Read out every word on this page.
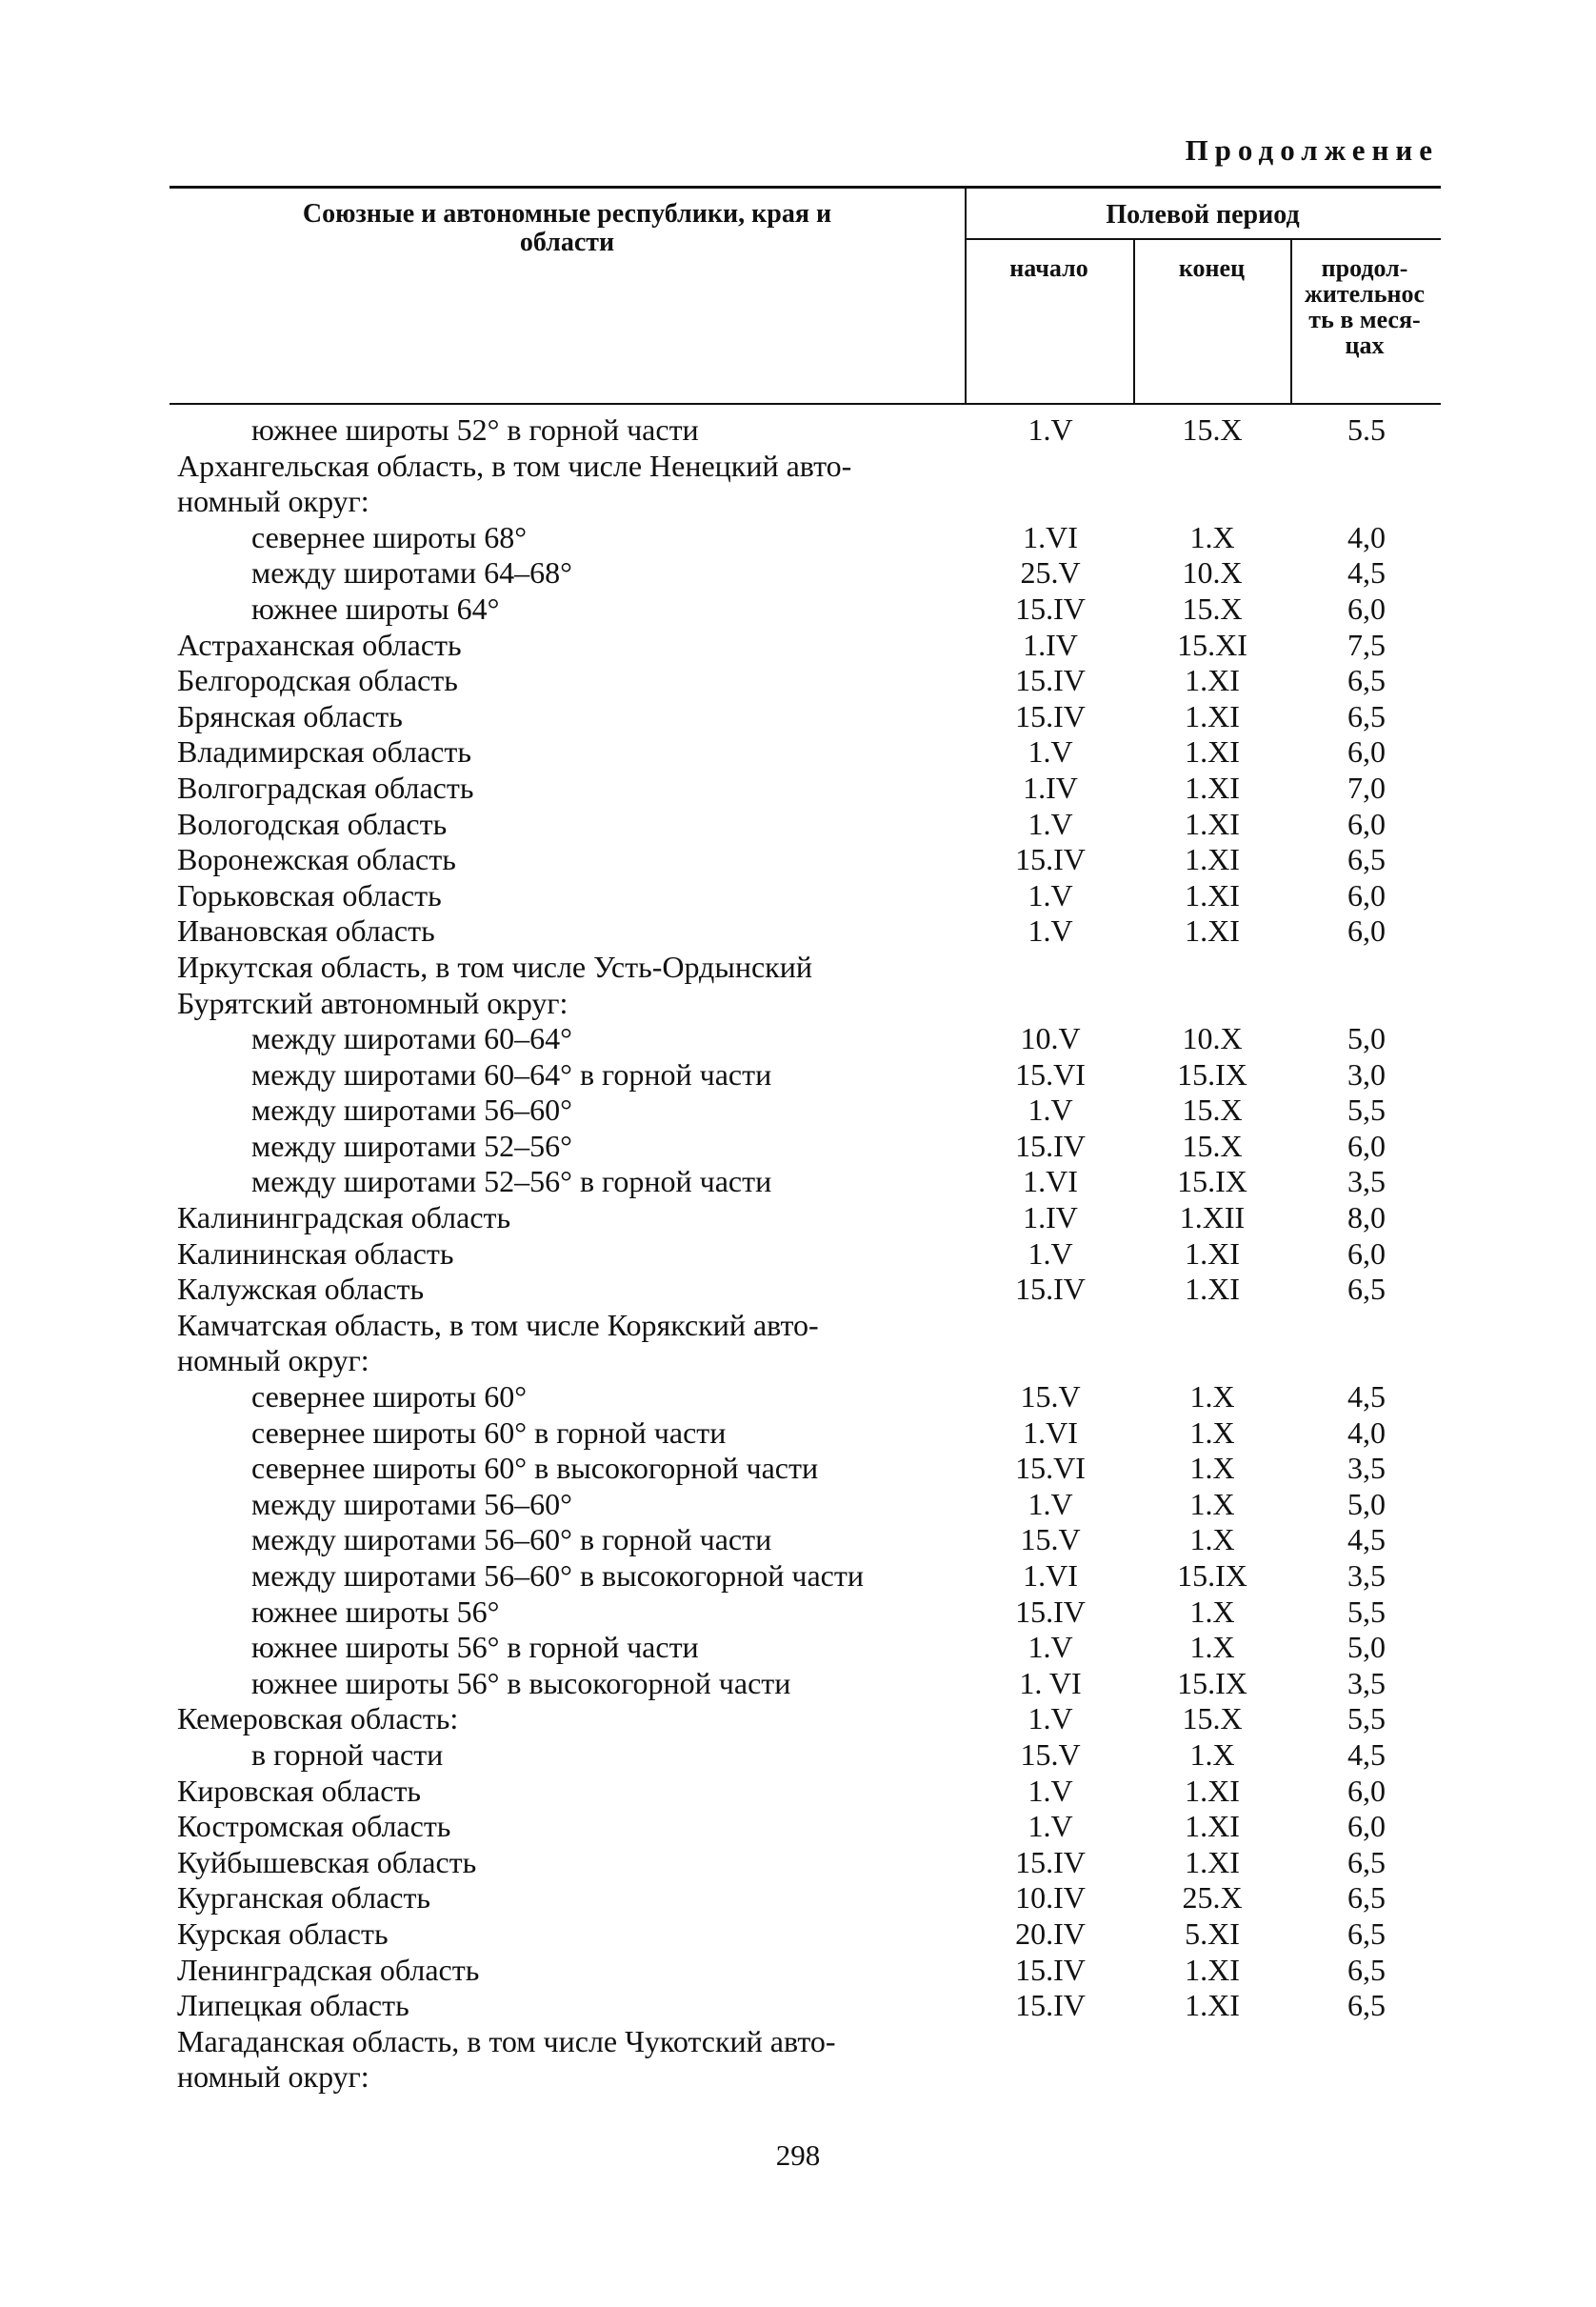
Продолжение
Союзные и автономные республики, края и области
Полевой период
начало	конец	продол-жительность в меся-цах
южнее широты 52° в горной части	1.V	15.X	5.5
Архангельская область, в том числе Ненецкий авто-
номный округ:
севернее широты 68°	1.VI	1.X	4,0
между широтами 64–68°	25.V	10.X	4,5
южнее широты 64°	15.IV	15.X	6,0
Астраханская область	1.IV	15.XI	7,5
Белгородская область	15.IV	1.XI	6,5
Брянская область	15.IV	1.XI	6,5
Владимирская область	1.V	1.XI	6,0
Волгоградская область	1.IV	1.XI	7,0
Вологодская область	1.V	1.XI	6,0
Воронежская область	15.IV	1.XI	6,5
Горьковская область	1.V	1.XI	6,0
Ивановская область	1.V	1.XI	6,0
Иркутская область, в том числе Усть-Ордынский
Бурятский автономный округ:
между широтами 60–64°	10.V	10.X	5,0
между широтами 60–64° в горной части	15.VI	15.IX	3,0
между широтами 56–60°	1.V	15.X	5,5
между широтами 52–56°	15.IV	15.X	6,0
между широтами 52–56° в горной части	1.VI	15.IX	3,5
Калининградская область	1.IV	1.XII	8,0
Калининская область	1.V	1.XI	6,0
Калужская область	15.IV	1.XI	6,5
Камчатская область, в том числе Корякский авто-
номный округ:
севернее широты 60°	15.V	1.X	4,5
севернее широты 60° в горной части	1.VI	1.X	4,0
севернее широты 60° в высокогорной части	15.VI	1.X	3,5
между широтами 56–60°	1.V	1.X	5,0
между широтами 56–60° в горной части	15.V	1.X	4,5
между широтами 56–60° в высокогорной части	1.VI	15.IX	3,5
южнее широты 56°	15.IV	1.X	5,5
южнее широты 56° в горной части	1.V	1.X	5,0
южнее широты 56° в высокогорной части	1. VI	15.IX	3,5
Кемеровская область:	1.V	15.X	5,5
в горной части	15.V	1.X	4,5
Кировская область	1.V	1.XI	6,0
Костромская область	1.V	1.XI	6,0
Куйбышевская область	15.IV	1.XI	6,5
Курганская область	10.IV	25.X	6,5
Курская область	20.IV	5.XI	6,5
Ленинградская область	15.IV	1.XI	6,5
Липецкая область	15.IV	1.XI	6,5
Магаданская область, в том числе Чукотский авто-
номный округ:
298
